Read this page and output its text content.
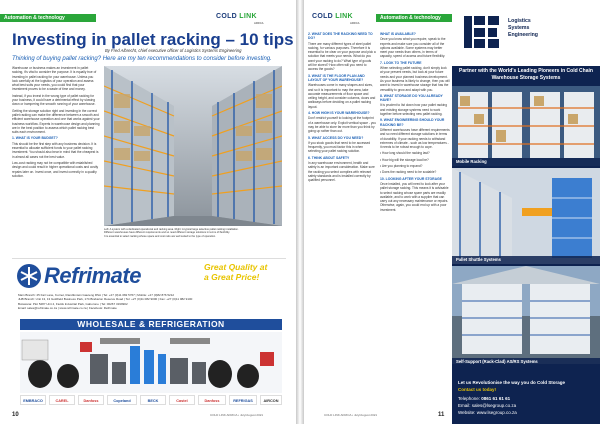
Automation & technology	COLD LINK
AFRICA
Investing in pallet racking – 10 tips
By Fred Albrecht, chief executive officer of Logistics Systems Engineering
Thinking of buying pallet racking? Here are my ten recommendations to consider before investing.

Warehouse or business makes an investment in pallet racking, it's vital to consider the purpose. It is equally true of investing in pallet racking for your warehouse. Unless you look carefully at the logistics of your operation and assess what best suits your needs, you could find that your investment proves to be a waste of time and money.

Instead, if you invest in the wrong type of pallet racking for your business, it could have a detrimental effect by slowing down or hampering the smooth running of your warehouse.

Getting the storage solution right and investing in the correct pallet racking can make the difference between a smooth and efficient warehouse operation and one that works against your business workflow. Experts in warehouse design and planning are in the best position to assess which pallet racking best suits each environment.

1. WHAT IS YOUR BUDGET?

This should be the first step with any business decision. It is essential to allocate sufficient funds to your pallet racking investment. You should also bear in mind that the cheapest is in almost all cases not the best value.

Low-cost racking may not be compatible with established design and could result in higher operational costs and costly repairs later on. Invest once, and invest correctly in a quality solution.

Left: A system with a dedicated operational and racking area. Right: A typical large selective pallet racking installation.
Different warehouses have different requirements and so need different storage solutions in terms of flexibility.
It is essential to select racking whose space and cost ratio are well suited to the type of operation.
Refrimate	Great Quality at
a Great Price!
Main Branch: 25 Fair Lane, Kurnet, Randfontein Gauteng RSA | Tel: +27 (0)11 082 5767 | Mobile: +27 (0)82 876 5212
JHB Branch: Unit 13, 13 Goldfield Business Park, 174 Brabazon Reserve Road | Tel: +27 (0)11 082 9000 | Fax: +27 (0)11 082 9100
Botswana: Plot 5287 Unit 4, Fields Industrial Park, Gaborone | Tel: 00267 3199902
Email: sales@refrimate.co.za | www.refrimate.co.za | Facebook: Refrimate
WHOLESALE & REFRIGERATION
EMBRACO	CAREL	Danfoss	Copeland	BECK	Castel	Danfoss	REFRIGAS	AIRCON
10	COLD LINK AFRICA • July/August 2021
COLD LINK
AFRICA
Automation & technology
2. WHAT DOES THE RACKING NEED TO DO?

There are many different types of steel pallet racking, for various purposes. Therefore it is essential to be clear on your purpose and pick a solution that meets your needs. What do you want your racking to do? What type of goods will be stored? How often will you need to access the goods?

3. WHAT IS THE FLOOR PLAN AND LAYOUT OF YOUR WAREHOUSE?

Warehouses come in many shapes and sizes, and so it is important to map the area, take accurate measurements of floor space and ceiling height, and consider columns, doors and walkways before deciding on a pallet racking layout.

4. HOW HIGH IS YOUR WAREHOUSE?

Don't restrict yourself to looking at the footprint of a warehouse only. Exploit vertical space - you may be able to store far more than you think by going up rather than out.

5. WHAT ACCESS DO YOU NEED?

If you stock goods that need to be accessed frequently, you must factor this in when selecting your pallet racking solution.

6. THINK ABOUT SAFETY

In any warehouse environment, health and safety is an important consideration. Make sure the racking you select complies with relevant safety standards and is installed correctly by qualified personnel.

WHAT IS AVAILABLE?

Once you know what you require, speak to the experts and make sure you consider all of the options available. Some systems may better meet your needs than others, in terms of capacity, speed of access and future flexibility.

7. LOOK TO THE FUTURE

When selecting pallet racking, don't simply look at your present needs, but look at your future needs and your planned business development. As your business is likely to change, then you will want to invest in warehouse storage that has the versatility to grow and adapt with you.

8. WHAT STORAGE DO YOU ALREADY HAVE?

It is prudent to list down how your pallet racking and existing storage systems need to work together before selecting new pallet racking.

9. WHAT ENGINEERING SHOULD YOUR RACKING BE?

Different warehouses have different requirements and so need different storage solutions in terms of durability. If your racking needs to withstand extremes of climate - such as low temperatures - it needs to be robust enough to cope.

• How long should the racking last?

• How big will the storage load be?

• Are you planning to expand?

• Does the racking need to be scalable?

10. LOOKING AFTER YOUR STORAGE

Once installed, you will need to look after your pallet storage racking. This means it is advisable to select racking whose spare parts are readily available, and to work with a supplier that can carry out any necessary maintenance or repairs. Otherwise, again, you could end up with a poor investment.

11
COLD LINK AFRICA • July/August 2021
Logistics
Systems
Engineering
Partner with the World's Leading Pioneers in Cold Chain Warehouse Storage Systems
Mobile Racking
Pallet Shuttle Systems
Self-Support (Rack-Clad) AS/RS Systems
Let us Revolutionise the way you do Cold Storage
Contact us today!
Telephone: 0861 61 61 61
Email: sales@lsegroup.co.za
Website: www.lsegroup.co.za
